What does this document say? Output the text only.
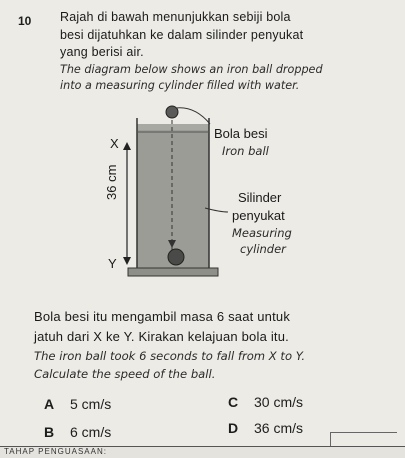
10 Rajah di bawah menunjukkan sebiji bola
besi dijatuhkan ke dalam silinder penyukat
yang berisi air.
The diagram below shows an iron ball dropped
into a measuring cylinder filled with water.
X
Y
36 cm
Bola besi
Iron ball
Silinder
penyukat
Measuring
cylinder
Bola besi itu mengambil masa 6 saat untuk
jatuh dari X ke Y. Kirakan kelajuan bola itu.
The iron ball took 6 seconds to fall from X to Y.
Calculate the speed of the ball.
A 5 cm/s	C 30 cm/s
B 6 cm/s	D 36 cm/s
TAHAP PENGUASAAN:
